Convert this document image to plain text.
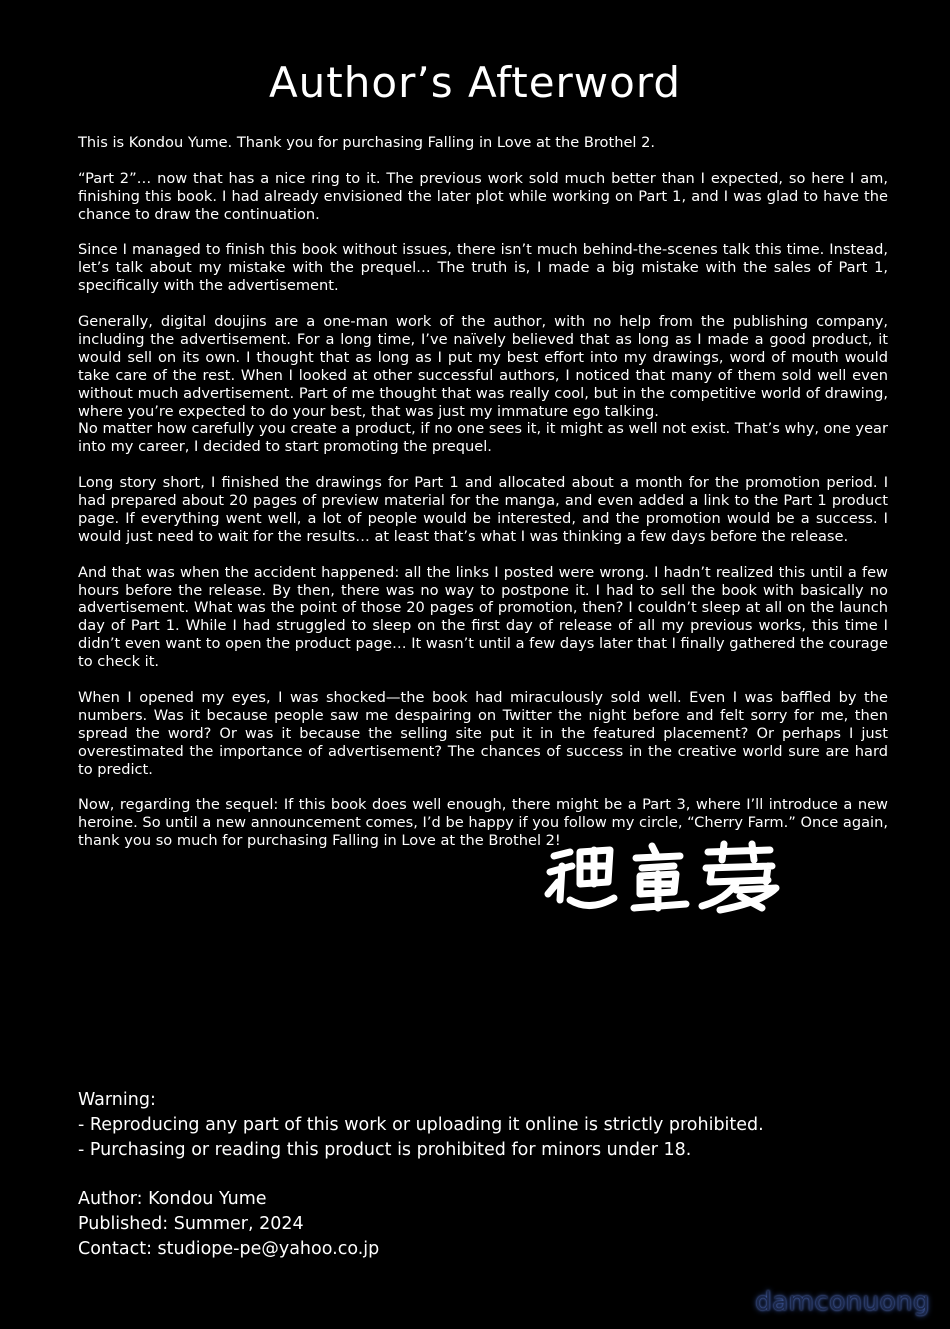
Author’s Afterword

This is Kondou Yume. Thank you for purchasing Falling in Love at the Brothel 2.

“Part 2”… now that has a nice ring to it. The previous work sold much better than I expected, so here I am, finishing this book. I had already envisioned the later plot while working on Part 1, and I was glad to have the chance to draw the continuation.

Since I managed to finish this book without issues, there isn’t much behind-the-scenes talk this time. Instead, let’s talk about my mistake with the prequel… The truth is, I made a big mistake with the sales of Part 1, specifically with the advertisement.

Generally, digital doujins are a one-man work of the author, with no help from the publishing company, including the advertisement. For a long time, I’ve naïvely believed that as long as I made a good product, it would sell on its own. I thought that as long as I put my best effort into my drawings, word of mouth would take care of the rest. When I looked at other successful authors, I noticed that many of them sold well even without much advertisement. Part of me thought that was really cool, but in the competitive world of drawing, where you’re expected to do your best, that was just my immature ego talking.

No matter how carefully you create a product, if no one sees it, it might as well not exist. That’s why, one year into my career, I decided to start promoting the prequel.

Long story short, I finished the drawings for Part 1 and allocated about a month for the promotion period. I had prepared about 20 pages of preview material for the manga, and even added a link to the Part 1 product page. If everything went well, a lot of people would be interested, and the promotion would be a success. I would just need to wait for the results… at least that’s what I was thinking a few days before the release.

And that was when the accident happened: all the links I posted were wrong. I hadn’t realized this until a few hours before the release. By then, there was no way to postpone it. I had to sell the book with basically no advertisement. What was the point of those 20 pages of promotion, then? I couldn’t sleep at all on the launch day of Part 1. While I had struggled to sleep on the first day of release of all my previous works, this time I didn’t even want to open the product page… It wasn’t until a few days later that I finally gathered the courage to check it.

When I opened my eyes, I was shocked—the book had miraculously sold well. Even I was baffled by the numbers. Was it because people saw me despairing on Twitter the night before and felt sorry for me, then spread the word? Or was it because the selling site put it in the featured placement? Or perhaps I just overestimated the importance of advertisement? The chances of success in the creative world sure are hard to predict.

Now, regarding the sequel: If this book does well enough, there might be a Part 3, where I’ll introduce a new heroine. So until a new announcement comes, I’d be happy if you follow my circle, “Cherry Farm.” Once again, thank you so much for purchasing Falling in Love at the Brothel 2!

Warning:
- Reproducing any part of this work or uploading it online is strictly prohibited.
- Purchasing or reading this product is prohibited for minors under 18.
Author: Kondou Yume
Published: Summer, 2024
Contact: studiope-pe@yahoo.co.jp
damconuong
